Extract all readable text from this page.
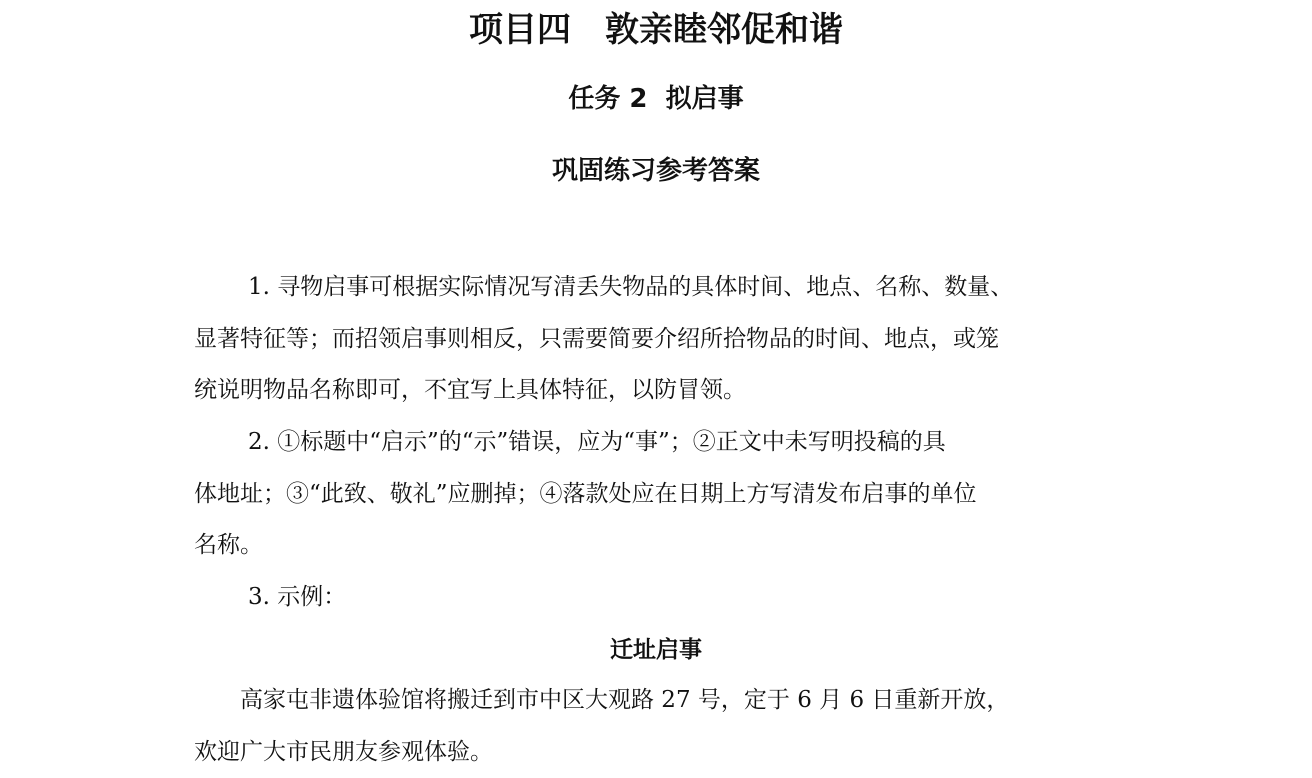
项目四　敦亲睦邻促和谐
任务 2  拟启事
巩固练习参考答案
1. 寻物启事可根据实际情况写清丢失物品的具体时间、地点、名称、数量、
显著特征等；而招领启事则相反，只需要简要介绍所拾物品的时间、地点，或笼
统说明物品名称即可，不宜写上具体特征，以防冒领。
2. ①标题中“启示”的“示”错误，应为“事”；②正文中未写明投稿的具
体地址；③“此致、敬礼”应删掉；④落款处应在日期上方写清发布启事的单位
名称。
3. 示例：
迁址启事
高家屯非遗体验馆将搬迁到市中区大观路 27 号，定于 6 月 6 日重新开放，
欢迎广大市民朋友参观体验。
